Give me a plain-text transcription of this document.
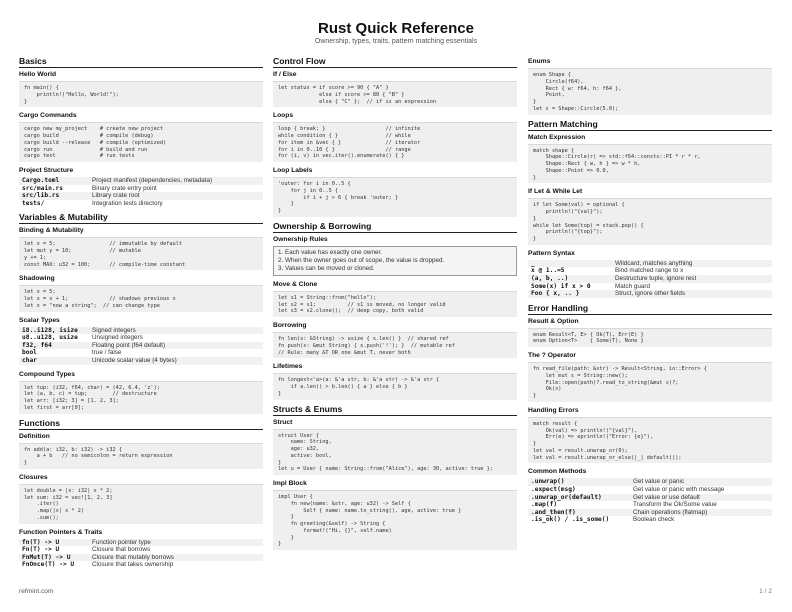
Rust Quick Reference
Ownership, types, traits, pattern matching essentials
Basics
Hello World
fn main() {
println!("Hello, World!");
}
Cargo Commands
cargo new my_project    # create new project
cargo build             # compile (debug)
cargo build --release   # compile (optimized)
cargo run               # build and run
cargo test              # run tests
Project Structure
Cargo.toml	Project manifest (dependencies, metadata)
src/main.rs	Binary crate entry point
src/lib.rs	Library crate root
tests/	Integration tests directory
Variables & Mutability
Binding & Mutability
let x = 5;                 // immutable by default
let mut y = 10;            // mutable
y += 1;
const MAX: u32 = 100;      // compile-time constant
Shadowing
let x = 5;
let x = x + 1;             // shadows previous x
let x = "now a string";  // can change type
Scalar Types
i8..i128, isize	Signed integers
u8..u128, usize	Unsigned integers
f32, f64	Floating point (f64 default)
bool	true / false
char	Unicode scalar value (4 bytes)
Compound Types
let tup: (i32, f64, char) = (42, 6.4, 'z');
let (a, b, c) = tup;        // destructure
let arr: [i32; 3] = [1, 2, 3];
let first = arr[0];
Functions
Definition
fn add(a: i32, b: i32) -> i32 {
a + b   // no semicolon = return expression
}
Closures
let double = |x: i32| x * 2;
let sum: i32 = vec![1, 2, 3]
.iter()
.map(|x| x * 2)
.sum();
Function Pointers & Traits
fn(T) -> U	Function pointer type
Fn(T) -> U	Closure that borrows
FnMut(T) -> U	Closure that mutably borrows
FnOnce(T) -> U	Closure that takes ownership
Control Flow
If / Else
let status = if score >= 90 { "A" }
else if score >= 80 { "B" }
else { "C" };  // if is an expression
Loops
loop { break; }                   // infinite
while condition { }               // while
for item in &vec { }              // iterator
for i in 0..10 { }                // range
for (i, v) in vec.iter().enumerate() { }
Loop Labels
'outer: for i in 0..5 {
for j in 0..5 {
if i + j > 6 { break 'outer; }
}
}
Ownership & Borrowing
Ownership Rules
1. Each value has exactly one owner.
2. When the owner goes out of scope, the value is dropped.
3. Values can be moved or cloned.
Move & Clone
let s1 = String::from("hello");
let s2 = s1;          // s1 is moved, no longer valid
let s3 = s2.clone();  // deep copy, both valid
Borrowing
fn len(s: &String) -> usize { s.len() }  // shared ref
fn push(s: &mut String) { s.push('!'); }  // mutable ref
// Rule: many &T OR one &mut T, never both
Lifetimes
fn longest<'a>(a: &'a str, b: &'a str) -> &'a str {
if a.len() > b.len() { a } else { b }
}
Structs & Enums
Struct
struct User {
name: String,
age: u32,
active: bool,
}
let u = User { name: String::from("Alice"), age: 30, active: true };
Impl Block
impl User {
fn new(name: &str, age: u32) -> Self {
Self { name: name.to_string(), age, active: true }
}
fn greeting(&self) -> String {
format!("Hi, {}", self.name)
}
}
Enums
enum Shape {
Circle(f64),
Rect { w: f64, h: f64 },
Point,
}
let s = Shape::Circle(5.0);
Pattern Matching
Match Expression
match shape {
Shape::Circle(r) => std::f64::consts::PI * r * r,
Shape::Rect { w, h } => w * h,
Shape::Point => 0.0,
}
If Let & While Let
if let Some(val) = optional {
println!("{val}");
}
while let Some(top) = stack.pop() {
println!("{top}");
}
Pattern Syntax
_	Wildcard, matches anything
x @ 1..=5	Bind matched range to x
(a, b, ..)	Destructure tuple, ignore rest
Some(x) if x > 0	Match guard
Foo { x, .. }	Struct, ignore other fields
Error Handling
Result & Option
enum Result<T, E> { Ok(T), Err(E) }
enum Option<T>    { Some(T), None }
The ? Operator
fn read_file(path: &str) -> Result<String, io::Error> {
let mut s = String::new();
File::open(path)?.read_to_string(&mut s)?;
Ok(s)
}
Handling Errors
match result {
Ok(val) => println!("{val}"),
Err(e) => eprintln!("Error: {e}"),
}
let val = result.unwrap_or(0);
let val = result.unwrap_or_else(|_| default());
Common Methods
.unwrap()	Get value or panic
.expect(msg)	Get value or panic with message
.unwrap_or(default)	Get value or use default
.map(f)	Transform the Ok/Some value
.and_then(f)	Chain operations (flatmap)
.is_ok() / .is_some()	Boolean check
refmint.com	1 / 2
